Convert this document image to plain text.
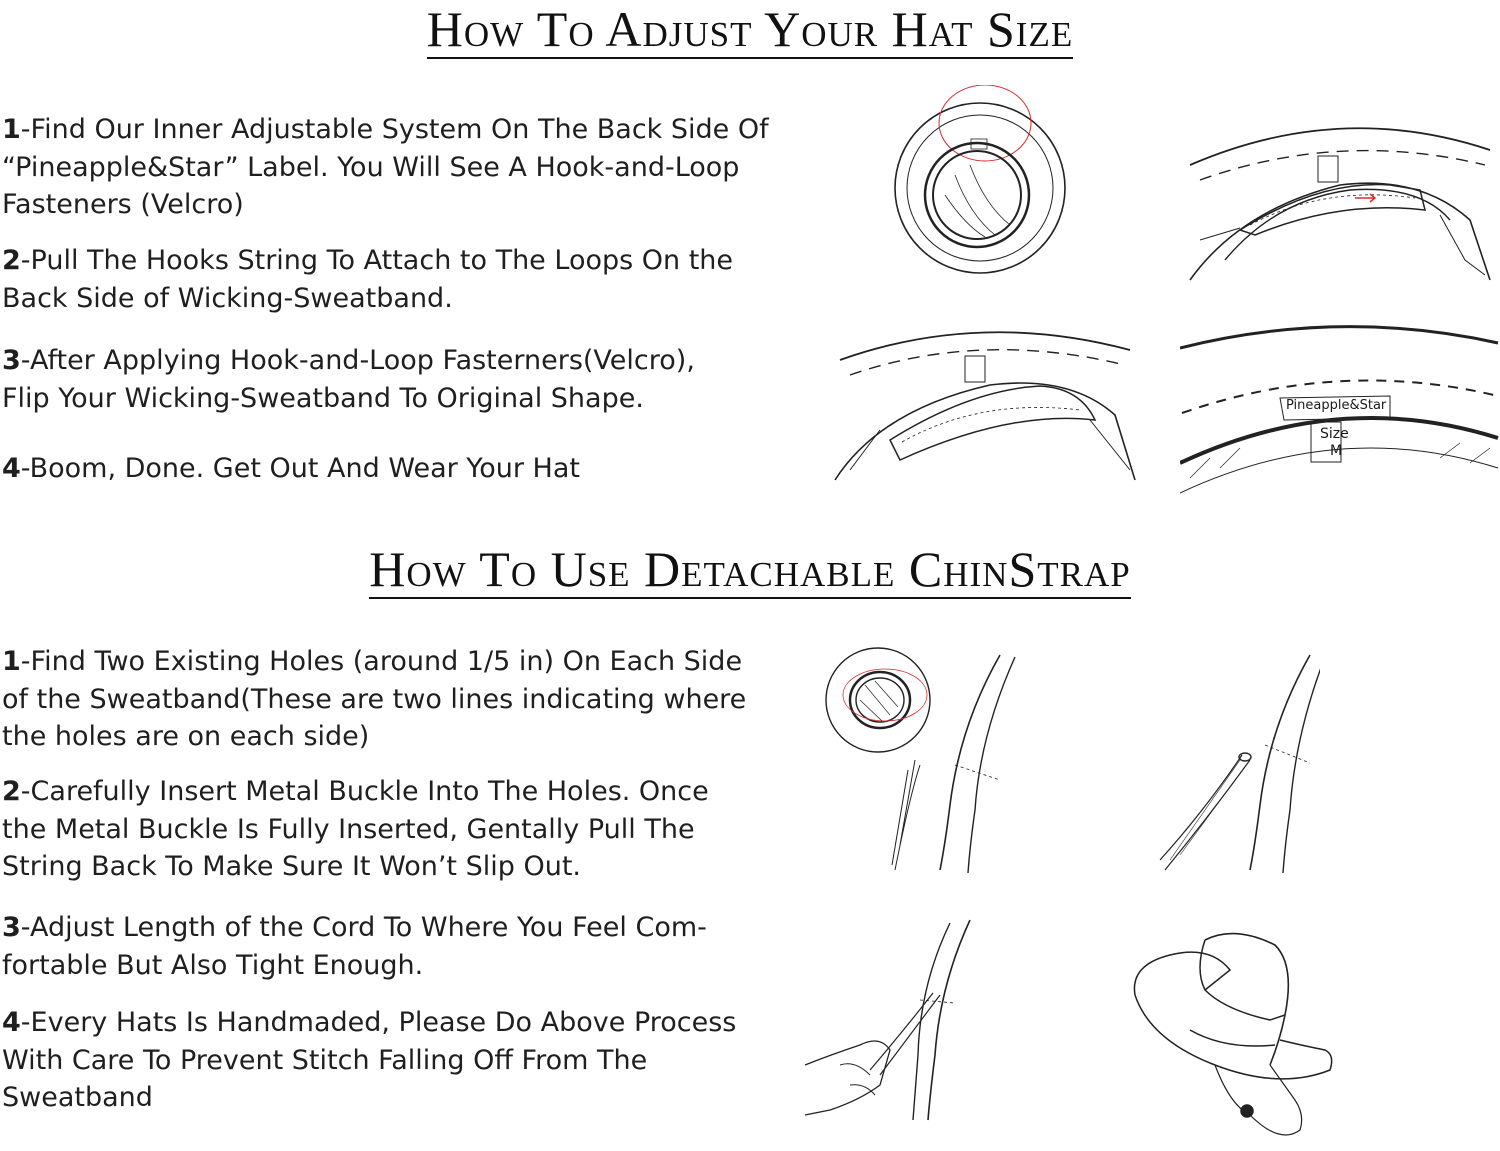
How To Adjust Your Hat Size
1-Find Our Inner Adjustable System On The Back Side Of
“Pineapple&Star” Label. You Will See A Hook-and-Loop
Fasteners (Velcro)
2-Pull The Hooks String To Attach to The Loops On the
Back Side of Wicking-Sweatband.
3-After Applying Hook-and-Loop Fasterners(Velcro),
Flip Your Wicking-Sweatband To Original Shape.
4-Boom, Done. Get Out And Wear Your Hat
Pineapple&Star
Size
M
How To Use Detachable ChinStrap
1-Find Two Existing Holes (around 1/5 in) On Each Side
of the Sweatband(These are two lines indicating where
the holes are on each side)
2-Carefully Insert Metal Buckle Into The Holes. Once
the Metal Buckle Is Fully Inserted, Gentally Pull The
String Back To Make Sure It Won’t Slip Out.
3-Adjust Length of the Cord To Where You Feel Com-
fortable But Also Tight Enough.
4-Every Hats Is Handmaded, Please Do Above Process
With Care To Prevent Stitch Falling Off From The
Sweatband
